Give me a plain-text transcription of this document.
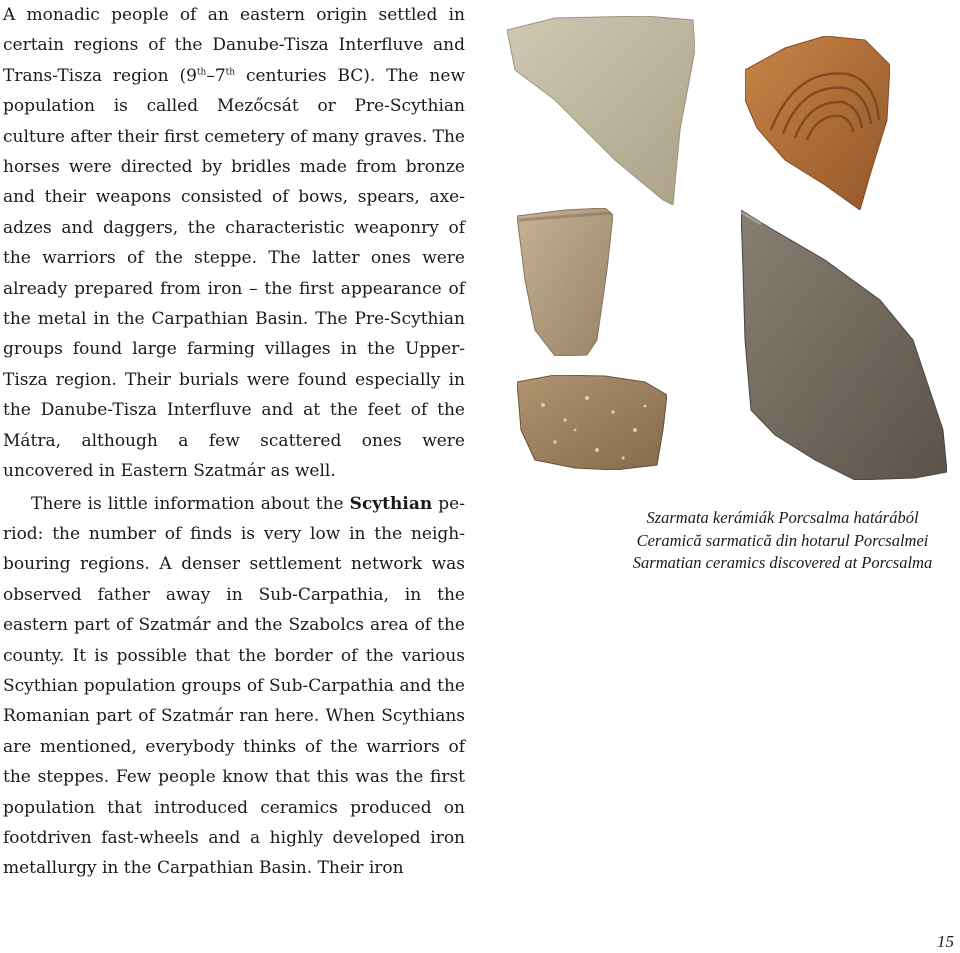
A monadic people of an eastern origin settled in certain regions of the Danube-Tisza Interfluve and Trans-Tisza region (9th–7th centuries BC). The new population is called Mezőcsát or Pre-Scythian culture after their first cemetery of many graves. The horses were directed by bridles made from bronze and their weapons consisted of bows, spears, axe-adzes and daggers, the characteristic weaponry of the warriors of the steppe. The latter ones were already prepared from iron – the first appearance of the metal in the Carpathian Basin. The Pre-Scythian groups found large farming villages in the Upper-Tisza region. Their burials were found especially in the Danube-Tisza Interfluve and at the feet of the Mátra, although a few scattered ones were uncovered in Eastern Szatmár as well.

There is little information about the Scythian period: the number of finds is very low in the neighbouring regions. A denser settlement network was observed father away in Sub-Carpathia, in the eastern part of Szatmár and the Szabolcs area of the county. It is possible that the border of the various Scythian population groups of Sub-Carpathia and the Romanian part of Szatmár ran here. When Scythians are mentioned, everybody thinks of the warriors of the steppes. Few people know that this was the first population that introduced ceramics produced on footdriven fast-wheels and a highly developed iron metallurgy in the Carpathian Basin. Their iron

Szarmata kerámiák Porcsalma határából
Ceramică sarmatică din hotarul Porcsalmei
Sarmatian ceramics discovered at Porcsalma
15
